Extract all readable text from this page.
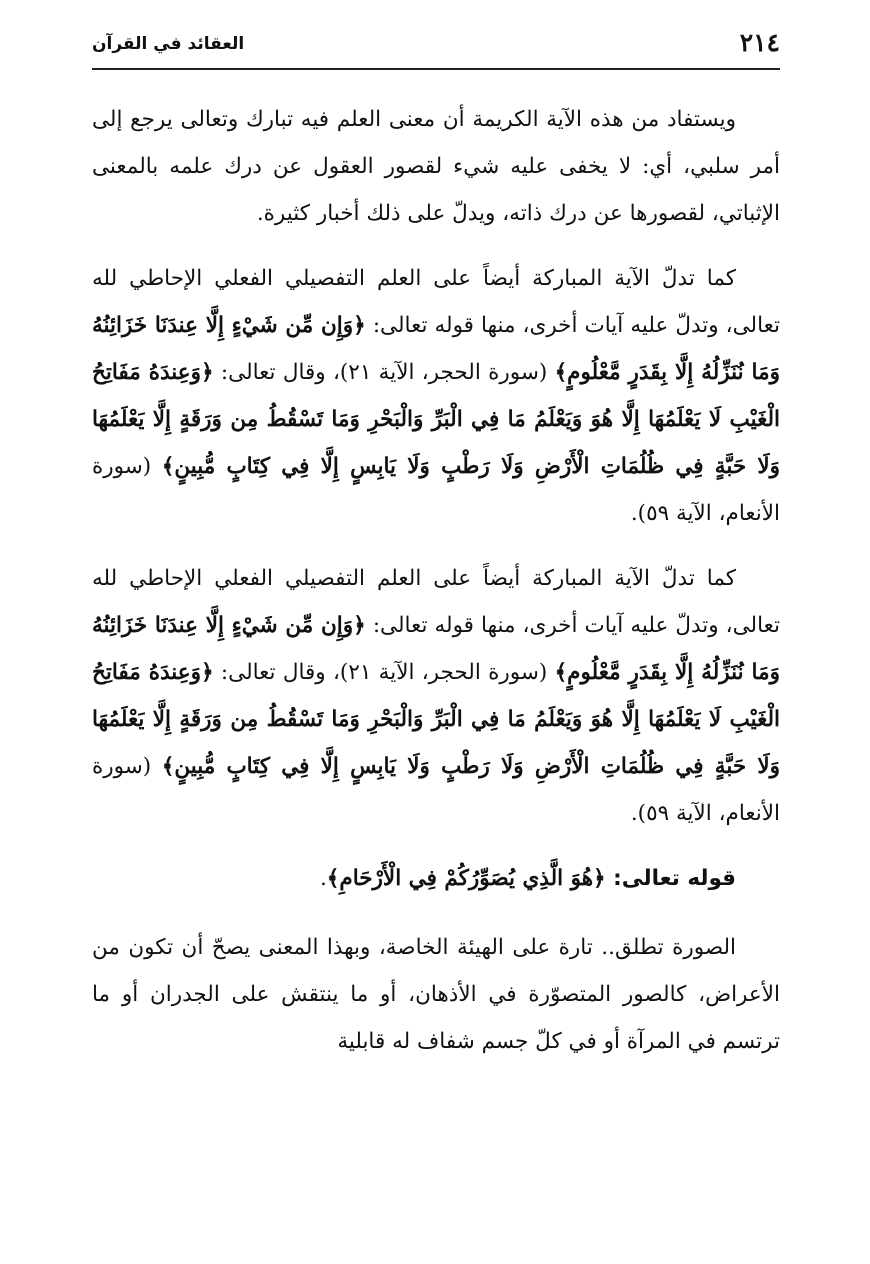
٢١٤
العقائد في القرآن

ويستفاد من هذه الآية الكريمة أن معنى العلم فيه تبارك وتعالى يرجع إلى أمر سلبي، أي: لا يخفى عليه شيء لقصور العقول عن درك علمه بالمعنى الإثباتي، لقصورها عن درك ذاته، ويدلّ على ذلك أخبار كثيرة.

كما تدلّ الآية المباركة أيضاً على العلم التفصيلي الفعلي الإحاطي لله تعالى، وتدلّ عليه آيات أخرى، منها قوله تعالى: ﴿وَإِن مِّن شَيْءٍ إِلَّا عِندَنَا خَزَائِنُهُ وَمَا نُنَزِّلُهُ إِلَّا بِقَدَرٍ مَّعْلُومٍ﴾ (سورة الحجر، الآية ٢١)، وقال تعالى: ﴿وَعِندَهُ مَفَاتِحُ الْغَيْبِ لَا يَعْلَمُهَا إِلَّا هُوَ وَيَعْلَمُ مَا فِي الْبَرِّ وَالْبَحْرِ وَمَا تَسْقُطُ مِن وَرَقَةٍ إِلَّا يَعْلَمُهَا وَلَا حَبَّةٍ فِي ظُلُمَاتِ الْأَرْضِ وَلَا رَطْبٍ وَلَا يَابِسٍ إِلَّا فِي كِتَابٍ مُّبِينٍ﴾ (سورة الأنعام، الآية ٥٩).

كما تدلّ الآية المباركة أيضاً على العلم التفصيلي الفعلي الإحاطي لله تعالى، وتدلّ عليه آيات أخرى، منها قوله تعالى: ﴿وَإِن مِّن شَيْءٍ إِلَّا عِندَنَا خَزَائِنُهُ وَمَا نُنَزِّلُهُ إِلَّا بِقَدَرٍ مَّعْلُومٍ﴾ (سورة الحجر، الآية ٢١)، وقال تعالى: ﴿وَعِندَهُ مَفَاتِحُ الْغَيْبِ لَا يَعْلَمُهَا إِلَّا هُوَ وَيَعْلَمُ مَا فِي الْبَرِّ وَالْبَحْرِ وَمَا تَسْقُطُ مِن وَرَقَةٍ إِلَّا يَعْلَمُهَا وَلَا حَبَّةٍ فِي ظُلُمَاتِ الْأَرْضِ وَلَا رَطْبٍ وَلَا يَابِسٍ إِلَّا فِي كِتَابٍ مُّبِينٍ﴾ (سورة الأنعام، الآية ٥٩).

قوله تعالى: ﴿هُوَ الَّذِي يُصَوِّرُكُمْ فِي الْأَرْحَامِ﴾.

الصورة تطلق.. تارة على الهيئة الخاصة، وبهذا المعنى يصحّ أن تكون من الأعراض، كالصور المتصوّرة في الأذهان، أو ما ينتقش على الجدران أو ما ترتسم في المرآة أو في كلّ جسم شفاف له قابلية
